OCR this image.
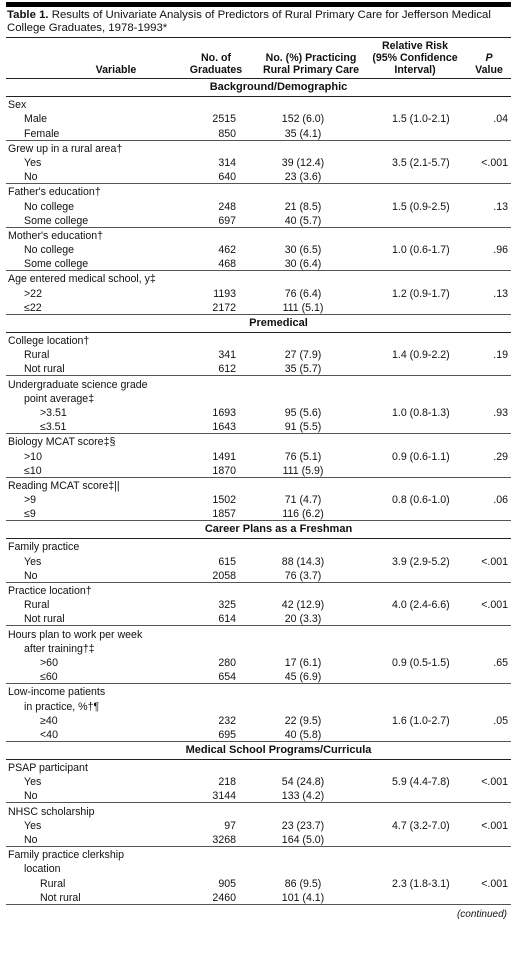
Table 1. Results of Univariate Analysis of Predictors of Rural Primary Care for Jefferson Medical College Graduates, 1978-1993*
Variable
No. of
Graduates
No. (%) Practicing
Rural Primary Care
Relative Risk
(95% Confidence
Interval)
P
Value
Background/Demographic
Sex				
Male	2515	152 (6.0)	1.5 (1.0-2.1)	.04
Female	850	35 (4.1)		
Grew up in a rural area†				
Yes	314	39 (12.4)	3.5 (2.1-5.7)	<.001
No	640	23 (3.6)		
Father's education†				
No college	248	21 (8.5)	1.5 (0.9-2.5)	.13
Some college	697	40 (5.7)		
Mother's education†				
No college	462	30 (6.5)	1.0 (0.6-1.7)	.96
Some college	468	30 (6.4)		
Age entered medical school, y‡				
>22	1193	76 (6.4)	1.2 (0.9-1.7)	.13
≤22	2172	111 (5.1)		
Premedical
College location†				
Rural	341	27 (7.9)	1.4 (0.9-2.2)	.19
Not rural	612	35 (5.7)		
Undergraduate science grade				
point average‡				
>3.51	1693	95 (5.6)	1.0 (0.8-1.3)	.93
≤3.51	1643	91 (5.5)		
Biology MCAT score‡§				
>10	1491	76 (5.1)	0.9 (0.6-1.1)	.29
≤10	1870	111 (5.9)		
Reading MCAT score‡||				
>9	1502	71 (4.7)	0.8 (0.6-1.0)	.06
≤9	1857	116 (6.2)		
Career Plans as a Freshman
Family practice				
Yes	615	88 (14.3)	3.9 (2.9-5.2)	<.001
No	2058	76 (3.7)		
Practice location†				
Rural	325	42 (12.9)	4.0 (2.4-6.6)	<.001
Not rural	614	20 (3.3)		
Hours plan to work per week				
after training†‡				
>60	280	17 (6.1)	0.9 (0.5-1.5)	.65
≤60	654	45 (6.9)		
Low-income patients				
in practice, %†¶				
≥40	232	22 (9.5)	1.6 (1.0-2.7)	.05
<40	695	40 (5.8)		
Medical School Programs/Curricula
PSAP participant				
Yes	218	54 (24.8)	5.9 (4.4-7.8)	<.001
No	3144	133 (4.2)		
NHSC scholarship				
Yes	97	23 (23.7)	4.7 (3.2-7.0)	<.001
No	3268	164 (5.0)		
Family practice clerkship				
location				
Rural	905	86 (9.5)	2.3 (1.8-3.1)	<.001
Not rural	2460	101 (4.1)		
(continued)
